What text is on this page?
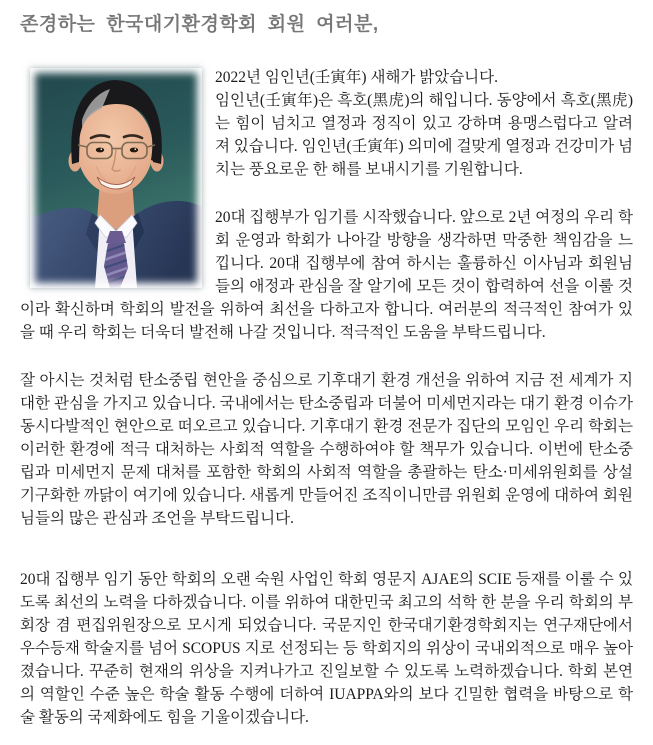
존경하는 한국대기환경학회 회원 여러분,

2022년 임인년(壬寅年) 새해가 밝았습니다.
임인년(壬寅年)은 흑호(黑虎)의 해입니다. 동양에서 흑호(黑虎)는 힘이 넘치고 열정과 정직이 있고 강하며 용맹스럽다고 알려져 있습니다. 임인년(壬寅年) 의미에 걸맞게 열정과 건강미가 넘치는 풍요로운 한 해를 보내시기를 기원합니다.

20대 집행부가 임기를 시작했습니다. 앞으로 2년 여정의 우리 학회 운영과 학회가 나아갈 방향을 생각하면 막중한 책임감을 느낍니다. 20대 집행부에 참여 하시는 훌륭하신 이사님과 회원님들의 애정과 관심을 잘 알기에 모든 것이 합력하여 선을 이룰 것이라 확신하며 학회의 발전을 위하여 최선을 다하고자 합니다. 여러분의 적극적인 참여가 있을 때 우리 학회는 더욱더 발전해 나갈 것입니다. 적극적인 도움을 부탁드립니다.

잘 아시는 것처럼 탄소중립 현안을 중심으로 기후대기 환경 개선을 위하여 지금 전 세계가 지대한 관심을 가지고 있습니다. 국내에서는 탄소중립과 더불어 미세먼지라는 대기 환경 이슈가 동시다발적인 현안으로 떠오르고 있습니다. 기후대기 환경 전문가 집단의 모임인 우리 학회는 이러한 환경에 적극 대처하는 사회적 역할을 수행하여야 할 책무가 있습니다. 이번에 탄소중립과 미세먼지 문제 대처를 포함한 학회의 사회적 역할을 총괄하는 탄소·미세위원회를 상설 기구화한 까닭이 여기에 있습니다. 새롭게 만들어진 조직이니만큼 위원회 운영에 대하여 회원님들의 많은 관심과 조언을 부탁드립니다.

20대 집행부 임기 동안 학회의 오랜 숙원 사업인 학회 영문지 AJAE의 SCIE 등재를 이룰 수 있도록 최선의 노력을 다하겠습니다. 이를 위하여 대한민국 최고의 석학 한 분을 우리 학회의 부회장 겸 편집위원장으로 모시게 되었습니다. 국문지인 한국대기환경학회지는 연구재단에서 우수등재 학술지를 넘어 SCOPUS 지로 선정되는 등 학회지의 위상이 국내외적으로 매우 높아졌습니다. 꾸준히 현재의 위상을 지켜나가고 진일보할 수 있도록 노력하겠습니다. 학회 본연의 역할인 수준 높은 학술 활동 수행에 더하여 IUAPPA와의 보다 긴밀한 협력을 바탕으로 학술 활동의 국제화에도 힘을 기울이겠습니다.
